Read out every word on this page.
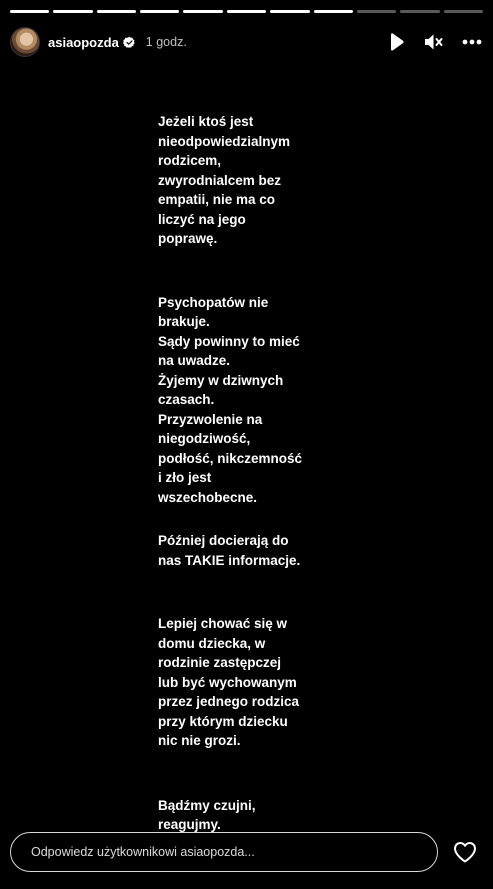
asiaopozda 1 godz.

Jeżeli ktoś jest
nieodpowiedzialnym
rodzicem,
zwyrodnialcem bez
empatii, nie ma co
liczyć na jego
poprawę.

Psychopatów nie
brakuje.
Sądy powinny to mieć
na uwadze.
Żyjemy w dziwnych
czasach.
Przyzwolenie na
niegodziwość,
podłość, nikczemność
i zło jest
wszechobecne.

Później docierają do
nas TAKIE informacje.

Lepiej chować się w
domu dziecka, w
rodzinie zastępczej
lub być wychowanym
przez jednego rodzica
przy którym dziecku
nic nie grozi.

Bądźmy czujni,
reagujmy.

Odpowiedz użytkownikowi asiaopozda...
